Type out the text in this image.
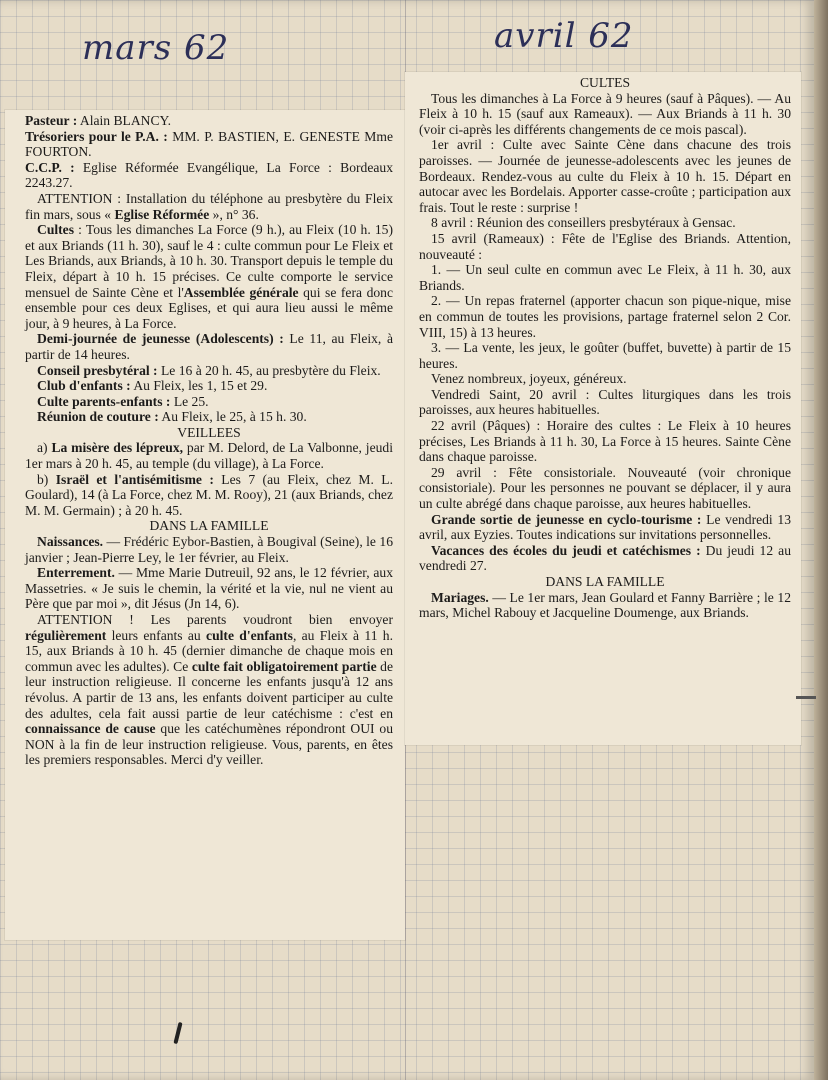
mars 62	avril 62

Pasteur : Alain BLANCY.

Trésoriers pour le P.A. : MM. P. BASTIEN, E. GENESTE Mme FOURTON.

C.C.P. : Eglise Réformée Evangélique, La Force : Bordeaux 2243.27.

ATTENTION : Installation du téléphone au presbytère du Fleix fin mars, sous « Eglise Réformée », n° 36.

Cultes : Tous les dimanches La Force (9 h.), au Fleix (10 h. 15) et aux Briands (11 h. 30), sauf le 4 : culte commun pour Le Fleix et Les Briands, aux Briands, à 10 h. 30. Transport depuis le temple du Fleix, départ à 10 h. 15 précises. Ce culte comporte le service mensuel de Sainte Cène et l'Assemblée générale qui se fera donc ensemble pour ces deux Eglises, et qui aura lieu aussi le même jour, à 9 heures, à La Force.

Demi-journée de jeunesse (Adolescents) : Le 11, au Fleix, à partir de 14 heures.

Conseil presbytéral : Le 16 à 20 h. 45, au presbytère du Fleix.

Club d'enfants : Au Fleix, les 1, 15 et 29.

Culte parents-enfants : Le 25.

Réunion de couture : Au Fleix, le 25, à 15 h. 30.

VEILLEES

a) La misère des lépreux, par M. Delord, de La Valbonne, jeudi 1er mars à 20 h. 45, au temple (du village), à La Force.

b) Israël et l'antisémitisme : Les 7 (au Fleix, chez M. L. Goulard), 14 (à La Force, chez M. M. Rooy), 21 (aux Briands, chez M. M. Germain) ; à 20 h. 45.

DANS LA FAMILLE

Naissances. — Frédéric Eybor-Bastien, à Bougival (Seine), le 16 janvier ; Jean-Pierre Ley, le 1er février, au Fleix.

Enterrement. — Mme Marie Dutreuil, 92 ans, le 12 février, aux Massetries. « Je suis le chemin, la vérité et la vie, nul ne vient au Père que par moi », dit Jésus (Jn 14, 6).

ATTENTION ! Les parents voudront bien envoyer régulièrement leurs enfants au culte d'enfants, au Fleix à 11 h. 15, aux Briands à 10 h. 45 (dernier dimanche de chaque mois en commun avec les adultes). Ce culte fait obligatoirement partie de leur instruction religieuse. Il concerne les enfants jusqu'à 12 ans révolus. A partir de 13 ans, les enfants doivent participer au culte des adultes, cela fait aussi partie de leur catéchisme : c'est en connaissance de cause que les catéchumènes répondront OUI ou NON à la fin de leur instruction religieuse. Vous, parents, en êtes les premiers responsables. Merci d'y veiller.

CULTES

Tous les dimanches à La Force à 9 heures (sauf à Pâques). — Au Fleix à 10 h. 15 (sauf aux Rameaux). — Aux Briands à 11 h. 30 (voir ci-après les différents changements de ce mois pascal).

1er avril : Culte avec Sainte Cène dans chacune des trois paroisses. — Journée de jeunesse-adolescents avec les jeunes de Bordeaux. Rendez-vous au culte du Fleix à 10 h. 15. Départ en autocar avec les Bordelais. Apporter casse-croûte ; participation aux frais. Tout le reste : surprise !

8 avril : Réunion des conseillers presbytéraux à Gensac.

15 avril (Rameaux) : Fête de l'Eglise des Briands. Attention, nouveauté :

1. — Un seul culte en commun avec Le Fleix, à 11 h. 30, aux Briands.

2. — Un repas fraternel (apporter chacun son pique-nique, mise en commun de toutes les provisions, partage fraternel selon 2 Cor. VIII, 15) à 13 heures.

3. — La vente, les jeux, le goûter (buffet, buvette) à partir de 15 heures.

Venez nombreux, joyeux, généreux.

Vendredi Saint, 20 avril : Cultes liturgiques dans les trois paroisses, aux heures habituelles.

22 avril (Pâques) : Horaire des cultes : Le Fleix à 10 heures précises, Les Briands à 11 h. 30, La Force à 15 heures. Sainte Cène dans chaque paroisse.

29 avril : Fête consistoriale. Nouveauté (voir chronique consistoriale). Pour les personnes ne pouvant se déplacer, il y aura un culte abrégé dans chaque paroisse, aux heures habituelles.

Grande sortie de jeunesse en cyclo-tourisme : Le vendredi 13 avril, aux Eyzies. Toutes indications sur invitations personnelles.

Vacances des écoles du jeudi et catéchismes : Du jeudi 12 au vendredi 27.

DANS LA FAMILLE

Mariages. — Le 1er mars, Jean Goulard et Fanny Barrière ; le 12 mars, Michel Rabouy et Jacqueline Doumenge, aux Briands.
